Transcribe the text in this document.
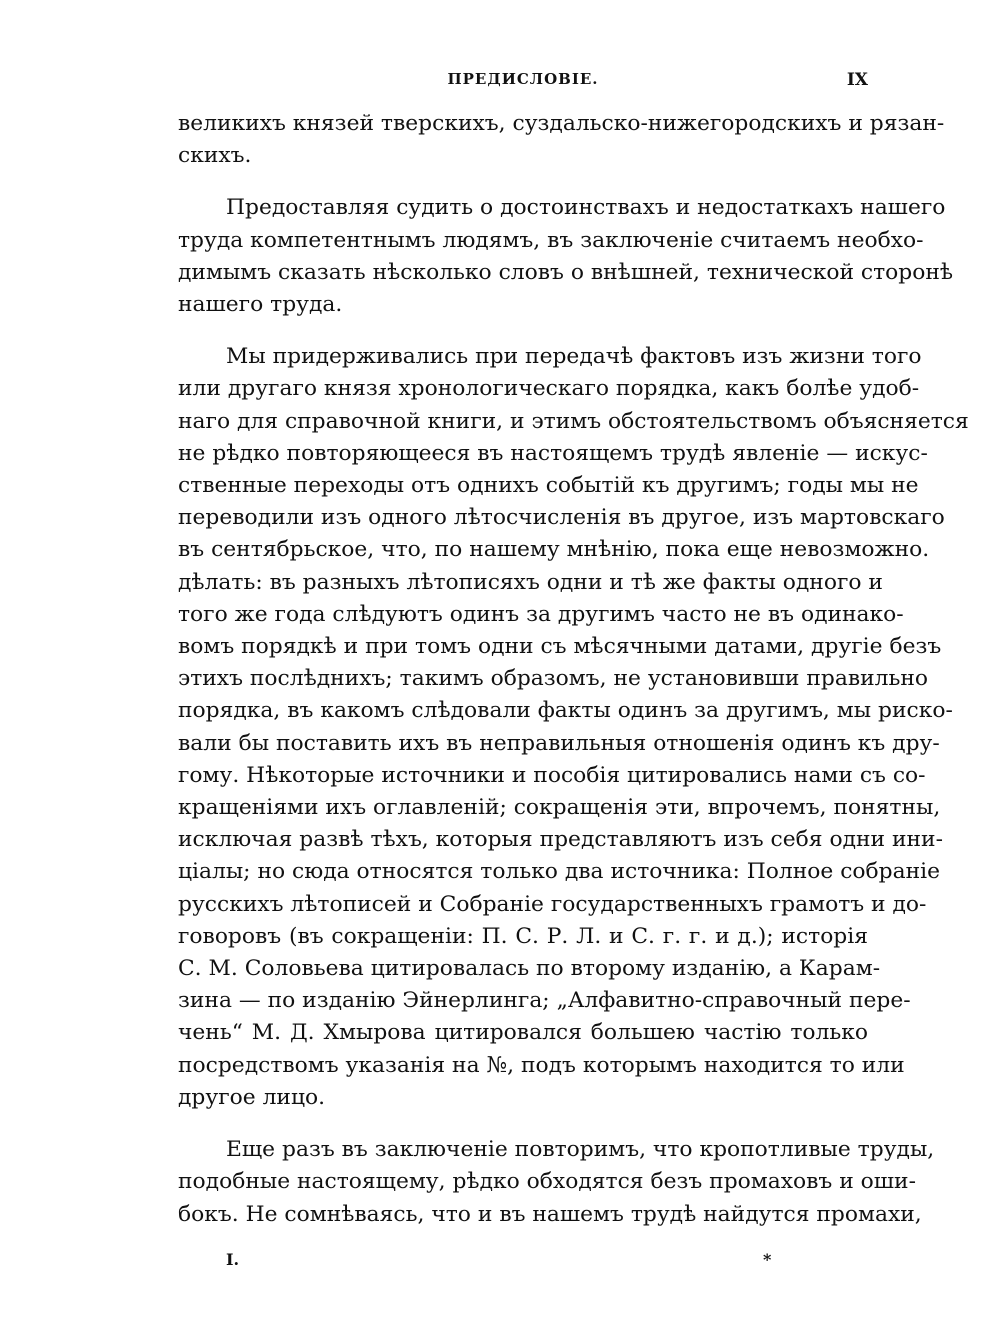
ПРЕДИСЛОВІЕ.	IX
великихъ князей тверскихъ, суздальско-нижегородскихъ и рязан-
скихъ.
Предоставляя судить о достоинствахъ и недостаткахъ нашего
труда компетентнымъ людямъ, въ заключеніе считаемъ необхо-
димымъ сказать нѣсколько словъ о внѣшней, технической сторонѣ
нашего труда.
Мы придерживались при передачѣ фактовъ изъ жизни того
или другаго князя хронологическаго порядка, какъ болѣе удоб-
наго для справочной книги, и этимъ обстоятельствомъ объясняется
не рѣдко повторяющееся въ настоящемъ трудѣ явленіе — искус-
ственные переходы отъ однихъ событій къ другимъ; годы мы не
переводили изъ одного лѣтосчисленія въ другое, изъ мартовскаго
въ сентябрьское, что, по нашему мнѣнію, пока еще невозможно.
дѣлать: въ разныхъ лѣтописяхъ одни и тѣ же факты одного и
того же года слѣдуютъ одинъ за другимъ часто не въ одинако-
вомъ порядкѣ и при томъ одни съ мѣсячными датами, другіе безъ
этихъ послѣднихъ; такимъ образомъ, не установивши правильно
порядка, въ какомъ слѣдовали факты одинъ за другимъ, мы риско-
вали бы поставить ихъ въ неправильныя отношенія одинъ къ дру-
гому. Нѣкоторые источники и пособія цитировались нами съ со-
кращеніями ихъ оглавленій; сокращенія эти, впрочемъ, понятны,
исключая развѣ тѣхъ, которыя представляютъ изъ себя одни ини-
ціалы; но сюда относятся только два источника: Полное собраніе
русскихъ лѣтописей и Собраніе государственныхъ грамотъ и до-
говоровъ (въ сокращеніи: П. С. Р. Л. и С. г. г. и д.); исторія
С. М. Соловьева цитировалась по второму изданію, а Карам-
зина — по изданію Эйнерлинга; „Алфавитно-справочный пере-
чень“ М. Д. Хмырова цитировался большею частію только
посредствомъ указанія на №, подъ которымъ находится то или
другое лицо.
Еще разъ въ заключеніе повторимъ, что кропотливые труды,
подобные настоящему, рѣдко обходятся безъ промаховъ и оши-
бокъ. Не сомнѣваясь, что и въ нашемъ трудѣ найдутся промахи,
I.	*
